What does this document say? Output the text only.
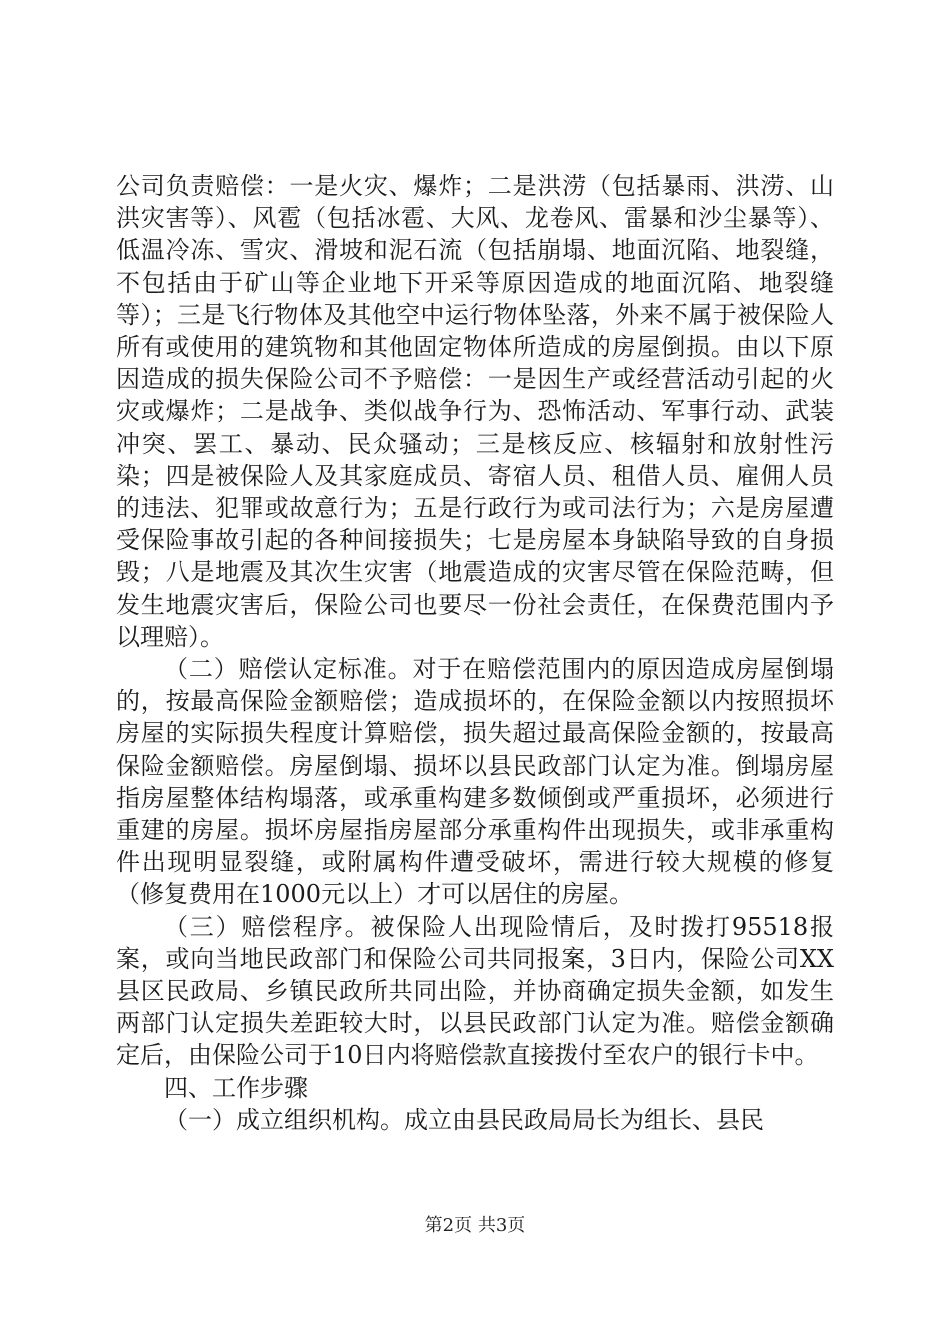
公司负责赔偿：一是火灾、爆炸；二是洪涝（包括暴雨、洪涝、山洪灾害等）、风雹（包括冰雹、大风、龙卷风、雷暴和沙尘暴等）、低温冷冻、雪灾、滑坡和泥石流（包括崩塌、地面沉陷、地裂缝，不包括由于矿山等企业地下开采等原因造成的地面沉陷、地裂缝等）；三是飞行物体及其他空中运行物体坠落，外来不属于被保险人所有或使用的建筑物和其他固定物体所造成的房屋倒损。由以下原因造成的损失保险公司不予赔偿：一是因生产或经营活动引起的火灾或爆炸；二是战争、类似战争行为、恐怖活动、军事行动、武装冲突、罢工、暴动、民众骚动；三是核反应、核辐射和放射性污染；四是被保险人及其家庭成员、寄宿人员、租借人员、雇佣人员的违法、犯罪或故意行为；五是行政行为或司法行为；六是房屋遭受保险事故引起的各种间接损失；七是房屋本身缺陷导致的自身损毁；八是地震及其次生灾害（地震造成的灾害尽管在保险范畴，但发生地震灾害后，保险公司也要尽一份社会责任，在保费范围内予以理赔）。

（二）赔偿认定标准。对于在赔偿范围内的原因造成房屋倒塌的，按最高保险金额赔偿；造成损坏的，在保险金额以内按照损坏房屋的实际损失程度计算赔偿，损失超过最高保险金额的，按最高保险金额赔偿。房屋倒塌、损坏以县民政部门认定为准。倒塌房屋指房屋整体结构塌落，或承重构建多数倾倒或严重损坏，必须进行重建的房屋。损坏房屋指房屋部分承重构件出现损失，或非承重构件出现明显裂缝，或附属构件遭受破坏，需进行较大规模的修复（修复费用在1000元以上）才可以居住的房屋。

（三）赔偿程序。被保险人出现险情后，及时拨打95518报案，或向当地民政部门和保险公司共同报案，3日内，保险公司XX县区民政局、乡镇民政所共同出险，并协商确定损失金额，如发生两部门认定损失差距较大时，以县民政部门认定为准。赔偿金额确定后，由保险公司于10日内将赔偿款直接拨付至农户的银行卡中。

四、工作步骤

（一）成立组织机构。成立由县民政局局长为组长、县民

第2页 共3页
